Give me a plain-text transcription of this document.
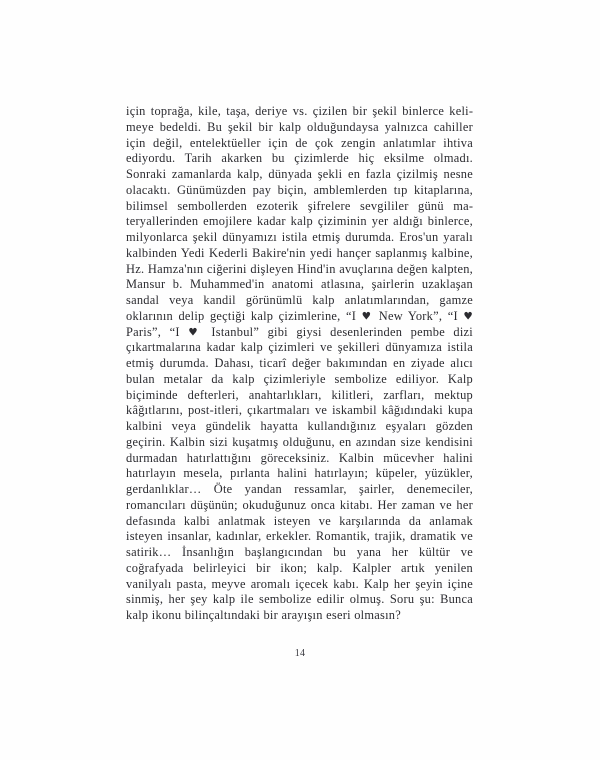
için toprağa, kile, taşa, deriye vs. çizilen bir şekil binlerce kelimeye bedeldi. Bu şekil bir kalp olduğundaysa yalnızca cahiller için değil, entelektüeller için de çok zengin anlatımlar ihtiva ediyordu. Tarih akarken bu çizimlerde hiç eksilme olmadı. Sonraki zamanlarda kalp, dünyada şekli en fazla çizilmiş nesne olacaktı. Günümüzden pay biçin, amblemlerden tıp kitaplarına, bilimsel sembollerden ezoterik şifrelere sevgililer günü materyallerinden emojilere kadar kalp çiziminin yer aldığı binlerce, milyonlarca şekil dünyamızı istila etmiş durumda. Eros'un yaralı kalbinden Yedi Kederli Bakire'nin yedi hançer saplanmış kalbine, Hz. Hamza'nın ciğerini dişleyen Hind'in avuçlarına değen kalpten, Mansur b. Muhammed'in anatomi atlasına, şairlerin uzaklaşan sandal veya kandil görünümlü kalp anlatımlarından, gamze oklarının delip geçtiği kalp çizimlerine, “I ♥ New York”, “I ♥ Paris”, “I ♥ Istanbul” gibi giysi desenlerinden pembe dizi çıkartmalarına kadar kalp çizimleri ve şekilleri dünyamıza istila etmiş durumda. Dahası, ticarî değer bakımından en ziyade alıcı bulan metalar da kalp çizimleriyle sembolize ediliyor. Kalp biçiminde defterleri, anahtarlıkları, kilitleri, zarfları, mektup kâğıtlarını, post-itleri, çıkartmaları ve iskambil kâğıdındaki kupa kalbini veya gündelik hayatta kullandığınız eşyaları gözden geçirin. Kalbin sizi kuşatmış olduğunu, en azından size kendisini durmadan hatırlattığını göreceksiniz. Kalbin mücevher halini hatırlayın mesela, pırlanta halini hatırlayın; küpeler, yüzükler, gerdanlıklar… Öte yandan ressamlar, şairler, denemeciler, romancıları düşünün; okuduğunuz onca kitabı. Her zaman ve her defasında kalbi anlatmak isteyen ve karşılarında da anlamak isteyen insanlar, kadınlar, erkekler. Romantik, trajik, dramatik ve satirik… İnsanlığın başlangıcından bu yana her kültür ve coğrafyada belirleyici bir ikon; kalp. Kalpler artık yenilen vanilyalı pasta, meyve aromalı içecek kabı. Kalp her şeyin içine sinmiş, her şey kalp ile sembolize edilir olmuş. Soru şu: Bunca kalp ikonu bilinçaltındaki bir arayışın eseri olmasın?

14
